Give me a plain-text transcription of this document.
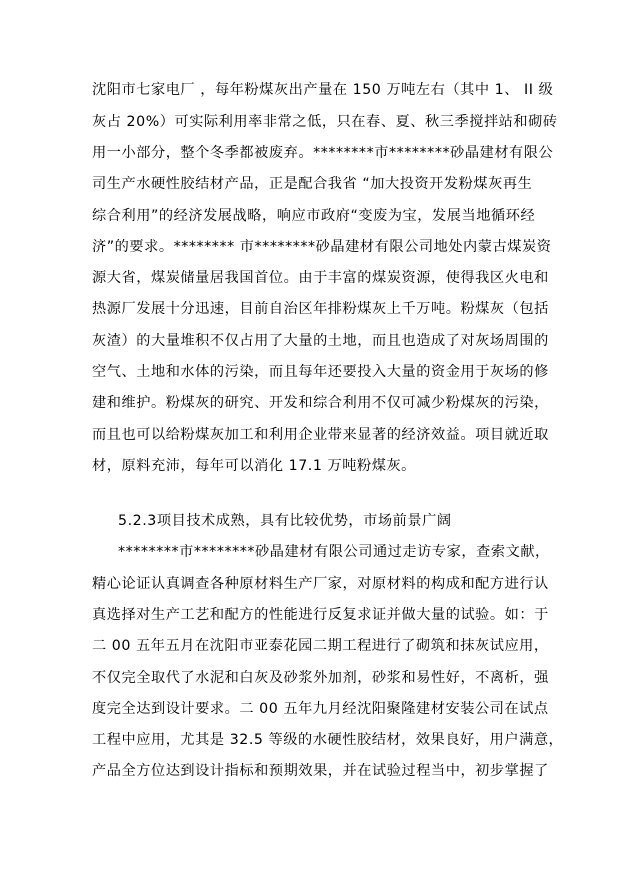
沈阳市七家电厂 ，每年粉煤灰出产量在 150 万吨左右（其中 1、 II 级
灰占 20%）可实际利用率非常之低，只在春、夏、秋三季搅拌站和砌砖
用一小部分，整个冬季都被废弃。********市********砂晶建材有限公
司生产水硬性胶结材产品，正是配合我省 “加大投资开发粉煤灰再生
综合利用”的经济发展战略，响应市政府“变废为宝，发展当地循环经
济”的要求。******** 市********砂晶建材有限公司地处内蒙古煤炭资
源大省，煤炭储量居我国首位。由于丰富的煤炭资源，使得我区火电和
热源厂发展十分迅速，目前自治区年排粉煤灰上千万吨。粉煤灰（包括
灰渣）的大量堆积不仅占用了大量的土地，而且也造成了对灰场周围的
空气、土地和水体的污染，而且每年还要投入大量的资金用于灰场的修
建和维护。粉煤灰的研究、开发和综合利用不仅可减少粉煤灰的污染，
而且也可以给粉煤灰加工和利用企业带来显著的经济效益。项目就近取
材，原料充沛，每年可以消化 17.1 万吨粉煤灰。
5.2.3项目技术成熟，具有比较优势，市场前景广阔
********市********砂晶建材有限公司通过走访专家，查索文献，
精心论证认真调查各种原材料生产厂家，对原材料的构成和配方进行认
真选择对生产工艺和配方的性能进行反复求证并做大量的试验。如：于
二 00 五年五月在沈阳市亚泰花园二期工程进行了砌筑和抹灰试应用，
不仅完全取代了水泥和白灰及砂浆外加剂，砂浆和易性好，不离析，强
度完全达到设计要求。二 00 五年九月经沈阳聚隆建材安装公司在试点
工程中应用，尤其是 32.5 等级的水硬性胶结材，效果良好，用户满意，
产品全方位达到设计指标和预期效果，并在试验过程当中，初步掌握了
